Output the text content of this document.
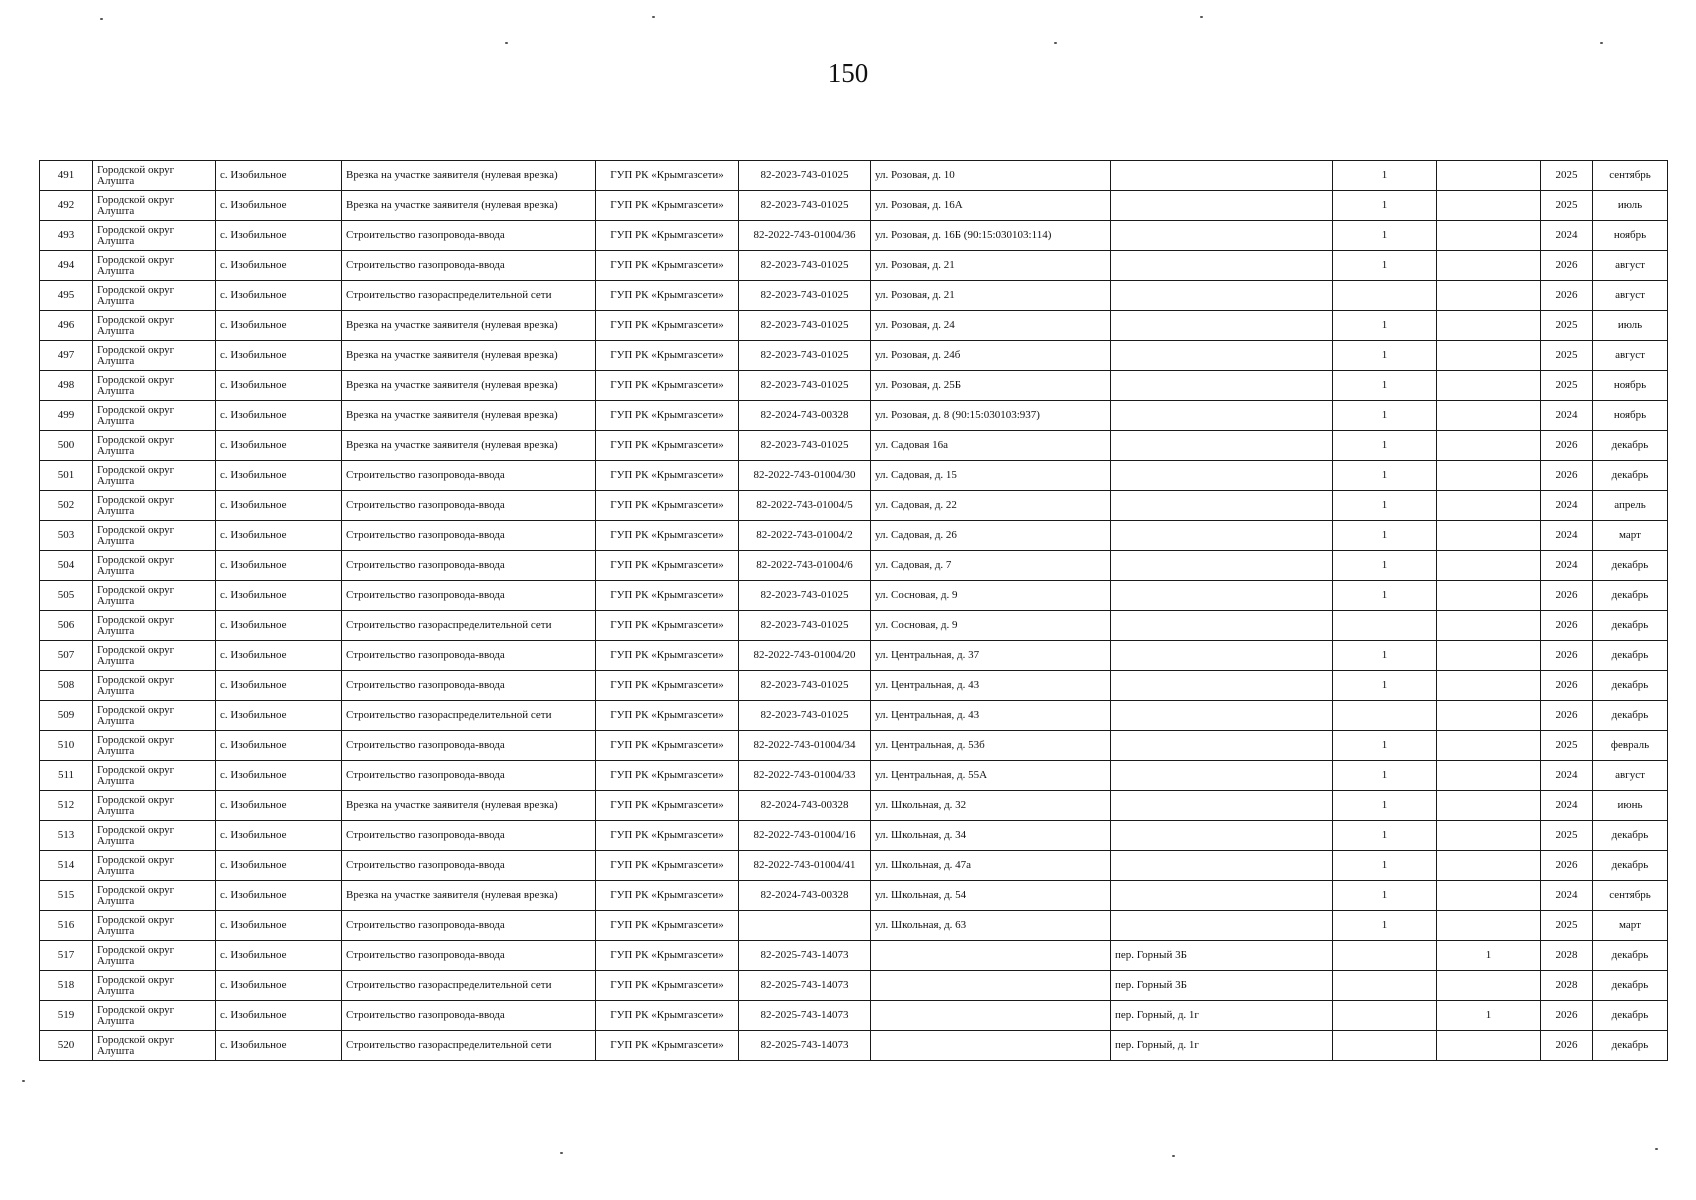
150
491	Городской округ Алушта	с. Изобильное	Врезка на участке заявителя (нулевая врезка)	ГУП РК «Крымгазсети»	82-2023-743-01025	ул. Розовая, д. 10		1		2025	сентябрь
492	Городской округ Алушта	с. Изобильное	Врезка на участке заявителя (нулевая врезка)	ГУП РК «Крымгазсети»	82-2023-743-01025	ул. Розовая, д. 16А		1		2025	июль
493	Городской округ Алушта	с. Изобильное	Строительство газопровода-ввода	ГУП РК «Крымгазсети»	82-2022-743-01004/36	ул. Розовая, д. 16Б (90:15:030103:114)		1		2024	ноябрь
494	Городской округ Алушта	с. Изобильное	Строительство газопровода-ввода	ГУП РК «Крымгазсети»	82-2023-743-01025	ул. Розовая, д. 21		1		2026	август
495	Городской округ Алушта	с. Изобильное	Строительство газораспределительной сети	ГУП РК «Крымгазсети»	82-2023-743-01025	ул. Розовая, д. 21				2026	август
496	Городской округ Алушта	с. Изобильное	Врезка на участке заявителя (нулевая врезка)	ГУП РК «Крымгазсети»	82-2023-743-01025	ул. Розовая, д. 24		1		2025	июль
497	Городской округ Алушта	с. Изобильное	Врезка на участке заявителя (нулевая врезка)	ГУП РК «Крымгазсети»	82-2023-743-01025	ул. Розовая, д. 24б		1		2025	август
498	Городской округ Алушта	с. Изобильное	Врезка на участке заявителя (нулевая врезка)	ГУП РК «Крымгазсети»	82-2023-743-01025	ул. Розовая, д. 25Б		1		2025	ноябрь
499	Городской округ Алушта	с. Изобильное	Врезка на участке заявителя (нулевая врезка)	ГУП РК «Крымгазсети»	82-2024-743-00328	ул. Розовая, д. 8 (90:15:030103:937)		1		2024	ноябрь
500	Городской округ Алушта	с. Изобильное	Врезка на участке заявителя (нулевая врезка)	ГУП РК «Крымгазсети»	82-2023-743-01025	ул. Садовая 16а		1		2026	декабрь
501	Городской округ Алушта	с. Изобильное	Строительство газопровода-ввода	ГУП РК «Крымгазсети»	82-2022-743-01004/30	ул. Садовая, д. 15		1		2026	декабрь
502	Городской округ Алушта	с. Изобильное	Строительство газопровода-ввода	ГУП РК «Крымгазсети»	82-2022-743-01004/5	ул. Садовая, д. 22		1		2024	апрель
503	Городской округ Алушта	с. Изобильное	Строительство газопровода-ввода	ГУП РК «Крымгазсети»	82-2022-743-01004/2	ул. Садовая, д. 26		1		2024	март
504	Городской округ Алушта	с. Изобильное	Строительство газопровода-ввода	ГУП РК «Крымгазсети»	82-2022-743-01004/6	ул. Садовая, д. 7		1		2024	декабрь
505	Городской округ Алушта	с. Изобильное	Строительство газопровода-ввода	ГУП РК «Крымгазсети»	82-2023-743-01025	ул. Сосновая, д. 9		1		2026	декабрь
506	Городской округ Алушта	с. Изобильное	Строительство газораспределительной сети	ГУП РК «Крымгазсети»	82-2023-743-01025	ул. Сосновая, д. 9				2026	декабрь
507	Городской округ Алушта	с. Изобильное	Строительство газопровода-ввода	ГУП РК «Крымгазсети»	82-2022-743-01004/20	ул. Центральная, д. 37		1		2026	декабрь
508	Городской округ Алушта	с. Изобильное	Строительство газопровода-ввода	ГУП РК «Крымгазсети»	82-2023-743-01025	ул. Центральная, д. 43		1		2026	декабрь
509	Городской округ Алушта	с. Изобильное	Строительство газораспределительной сети	ГУП РК «Крымгазсети»	82-2023-743-01025	ул. Центральная, д. 43				2026	декабрь
510	Городской округ Алушта	с. Изобильное	Строительство газопровода-ввода	ГУП РК «Крымгазсети»	82-2022-743-01004/34	ул. Центральная, д. 53б		1		2025	февраль
511	Городской округ Алушта	с. Изобильное	Строительство газопровода-ввода	ГУП РК «Крымгазсети»	82-2022-743-01004/33	ул. Центральная, д. 55А		1		2024	август
512	Городской округ Алушта	с. Изобильное	Врезка на участке заявителя (нулевая врезка)	ГУП РК «Крымгазсети»	82-2024-743-00328	ул. Школьная, д. 32		1		2024	июнь
513	Городской округ Алушта	с. Изобильное	Строительство газопровода-ввода	ГУП РК «Крымгазсети»	82-2022-743-01004/16	ул. Школьная, д. 34		1		2025	декабрь
514	Городской округ Алушта	с. Изобильное	Строительство газопровода-ввода	ГУП РК «Крымгазсети»	82-2022-743-01004/41	ул. Школьная, д. 47а		1		2026	декабрь
515	Городской округ Алушта	с. Изобильное	Врезка на участке заявителя (нулевая врезка)	ГУП РК «Крымгазсети»	82-2024-743-00328	ул. Школьная, д. 54		1		2024	сентябрь
516	Городской округ Алушта	с. Изобильное	Строительство газопровода-ввода	ГУП РК «Крымгазсети»		ул. Школьная, д. 63		1		2025	март
517	Городской округ Алушта	с. Изобильное	Строительство газопровода-ввода	ГУП РК «Крымгазсети»	82-2025-743-14073		пер. Горный 3Б		1	2028	декабрь
518	Городской округ Алушта	с. Изобильное	Строительство газораспределительной сети	ГУП РК «Крымгазсети»	82-2025-743-14073		пер. Горный 3Б			2028	декабрь
519	Городской округ Алушта	с. Изобильное	Строительство газопровода-ввода	ГУП РК «Крымгазсети»	82-2025-743-14073		пер. Горный, д. 1г		1	2026	декабрь
520	Городской округ Алушта	с. Изобильное	Строительство газораспределительной сети	ГУП РК «Крымгазсети»	82-2025-743-14073		пер. Горный, д. 1г			2026	декабрь
